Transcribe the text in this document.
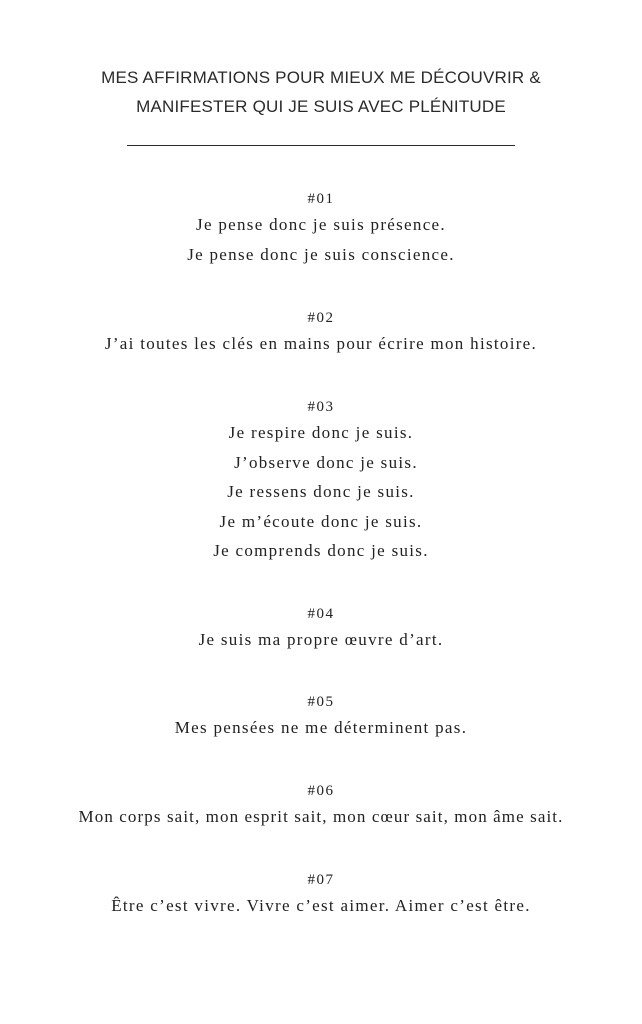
MES AFFIRMATIONS POUR MIEUX ME DÉCOUVRIR &
MANIFESTER QUI JE SUIS AVEC PLÉNITUDE
#01
Je pense donc je suis présence.
Je pense donc je suis conscience.
#02
J’ai toutes les clés en mains pour écrire mon histoire.
#03
Je respire donc je suis.
J’observe donc je suis.
Je ressens donc je suis.
Je m’écoute donc je suis.
Je comprends donc je suis.
#04
Je suis ma propre œuvre d’art.
#05
Mes pensées ne me déterminent pas.
#06
Mon corps sait, mon esprit sait, mon cœur sait, mon âme sait.
#07
Être c’est vivre. Vivre c’est aimer. Aimer c’est être.
